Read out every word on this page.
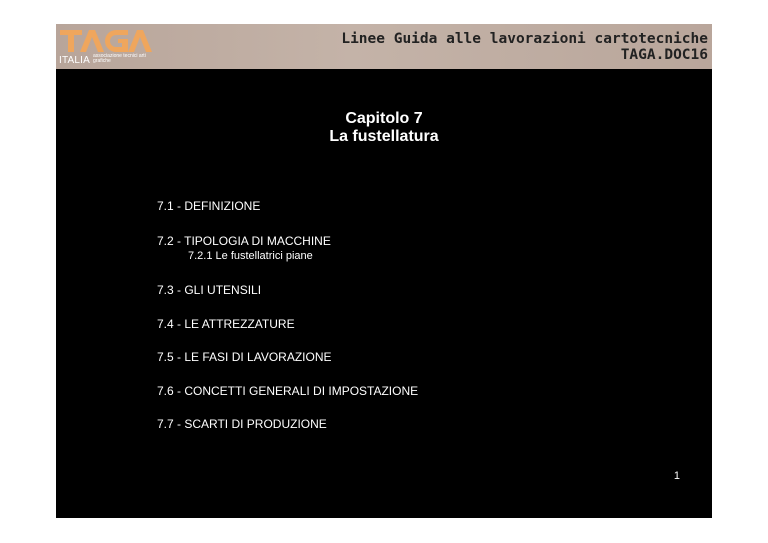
ITALIA associazione tecnici arti grafiche
Linee Guida alle lavorazioni cartotecniche
TAGA.DOC16
Capitolo 7
La fustellatura
7.1 - DEFINIZIONE
7.2 - TIPOLOGIA DI MACCHINE
7.2.1 Le fustellatrici piane
7.3 - GLI UTENSILI
7.4 - LE ATTREZZATURE
7.5 - LE FASI DI LAVORAZIONE
7.6 - CONCETTI GENERALI DI IMPOSTAZIONE
7.7 - SCARTI DI PRODUZIONE
1
